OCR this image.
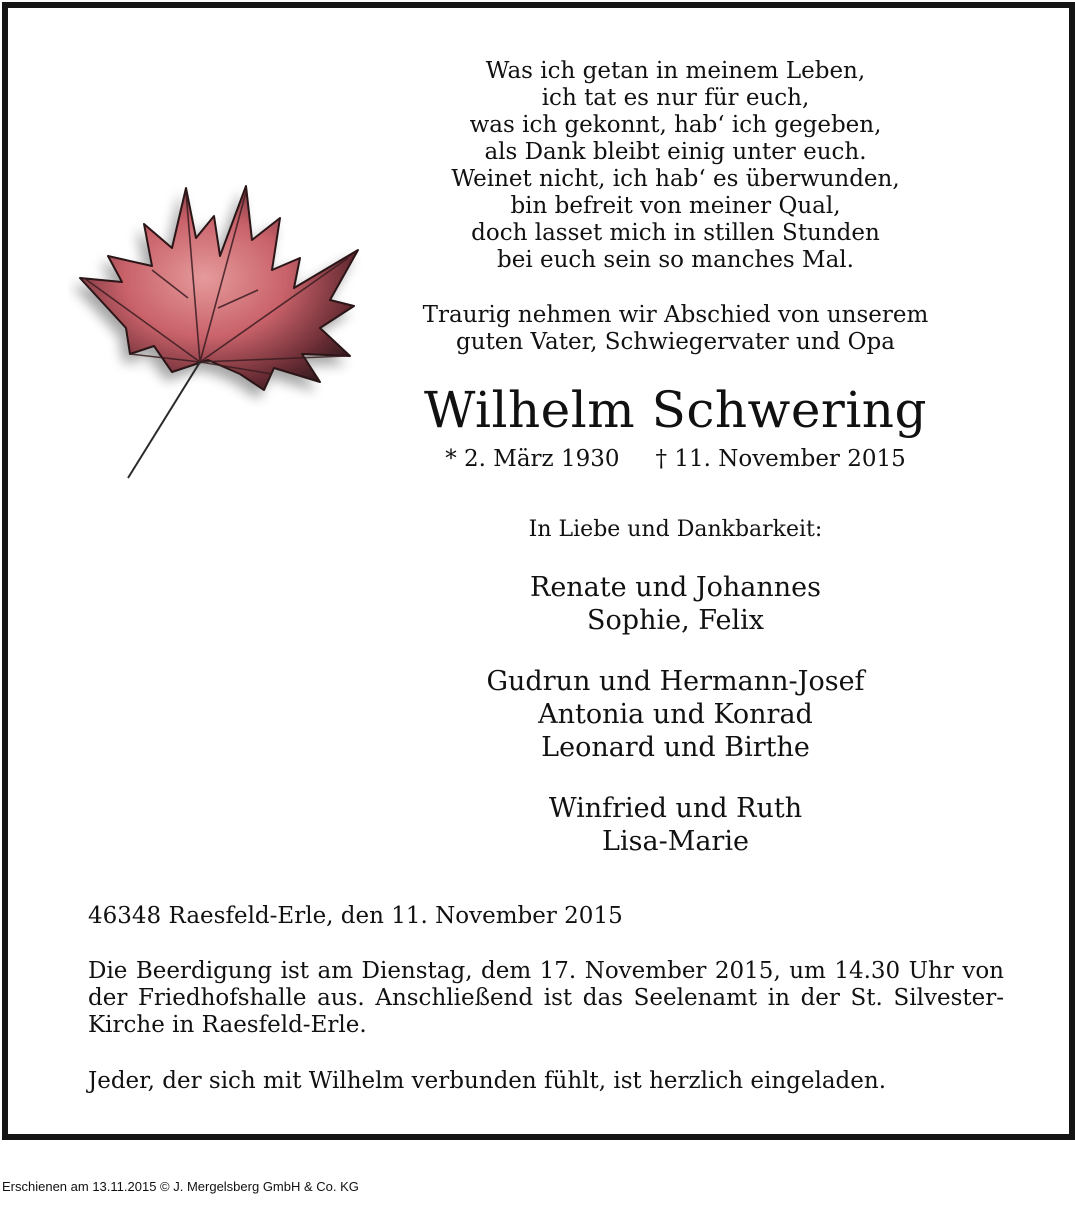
Was ich getan in meinem Leben,
ich tat es nur für euch,
was ich gekonnt, hab‘ ich gegeben,
als Dank bleibt einig unter euch.
Weinet nicht, ich hab‘ es überwunden,
bin befreit von meiner Qual,
doch lasset mich in stillen Stunden
bei euch sein so manches Mal.
Traurig nehmen wir Abschied von unserem
guten Vater, Schwiegervater und Opa
Wilhelm Schwering
* 2. März 1930 † 11. November 2015
In Liebe und Dankbarkeit:
Renate und Johannes
Sophie, Felix
Gudrun und Hermann-Josef
Antonia und Konrad
Leonard und Birthe
Winfried und Ruth
Lisa-Marie
46348 Raesfeld-Erle, den 11. November 2015
Die Beerdigung ist am Dienstag, dem 17. November 2015, um 14.30 Uhr von der Friedhofshalle aus. Anschließend ist das Seelenamt in der St. Silvester-Kirche in Raesfeld-Erle.
Jeder, der sich mit Wilhelm verbunden fühlt, ist herzlich eingeladen.
Erschienen am 13.11.2015 © J. Mergelsberg GmbH & Co. KG
